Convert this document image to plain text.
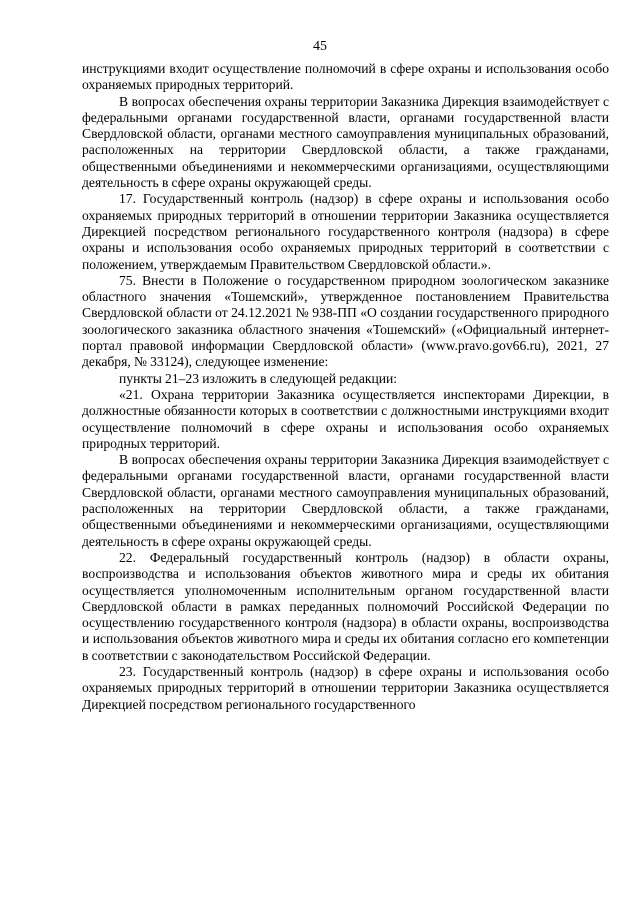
45

инструкциями входит осуществление полномочий в сфере охраны и использования особо охраняемых природных территорий.

В вопросах обеспечения охраны территории Заказника Дирекция взаимодействует с федеральными органами государственной власти, органами государственной власти Свердловской области, органами местного самоуправления муниципальных образований, расположенных на территории Свердловской области, а также гражданами, общественными объединениями и некоммерческими организациями, осуществляющими деятельность в сфере охраны окружающей среды.

17. Государственный контроль (надзор) в сфере охраны и использования особо охраняемых природных территорий в отношении территории Заказника осуществляется Дирекцией посредством регионального государственного контроля (надзора) в сфере охраны и использования особо охраняемых природных территорий в соответствии с положением, утверждаемым Правительством Свердловской области.».

75. Внести в Положение о государственном природном зоологическом заказнике областного значения «Тошемский», утвержденное постановлением Правительства Свердловской области от 24.12.2021 № 938-ПП «О создании государственного природного зоологического заказника областного значения «Тошемский» («Официальный интернет-портал правовой информации Свердловской области» (www.pravo.gov66.ru), 2021, 27 декабря, № 33124), следующее изменение:

пункты 21–23 изложить в следующей редакции:

«21. Охрана территории Заказника осуществляется инспекторами Дирекции, в должностные обязанности которых в соответствии с должностными инструкциями входит осуществление полномочий в сфере охраны и использования особо охраняемых природных территорий.

В вопросах обеспечения охраны территории Заказника Дирекция взаимодействует с федеральными органами государственной власти, органами государственной власти Свердловской области, органами местного самоуправления муниципальных образований, расположенных на территории Свердловской области, а также гражданами, общественными объединениями и некоммерческими организациями, осуществляющими деятельность в сфере охраны окружающей среды.

22. Федеральный государственный контроль (надзор) в области охраны, воспроизводства и использования объектов животного мира и среды их обитания осуществляется уполномоченным исполнительным органом государственной власти Свердловской области в рамках переданных полномочий Российской Федерации по осуществлению государственного контроля (надзора) в области охраны, воспроизводства и использования объектов животного мира и среды их обитания согласно его компетенции в соответствии с законодательством Российской Федерации.

23. Государственный контроль (надзор) в сфере охраны и использования особо охраняемых природных территорий в отношении территории Заказника осуществляется Дирекцией посредством регионального государственного
